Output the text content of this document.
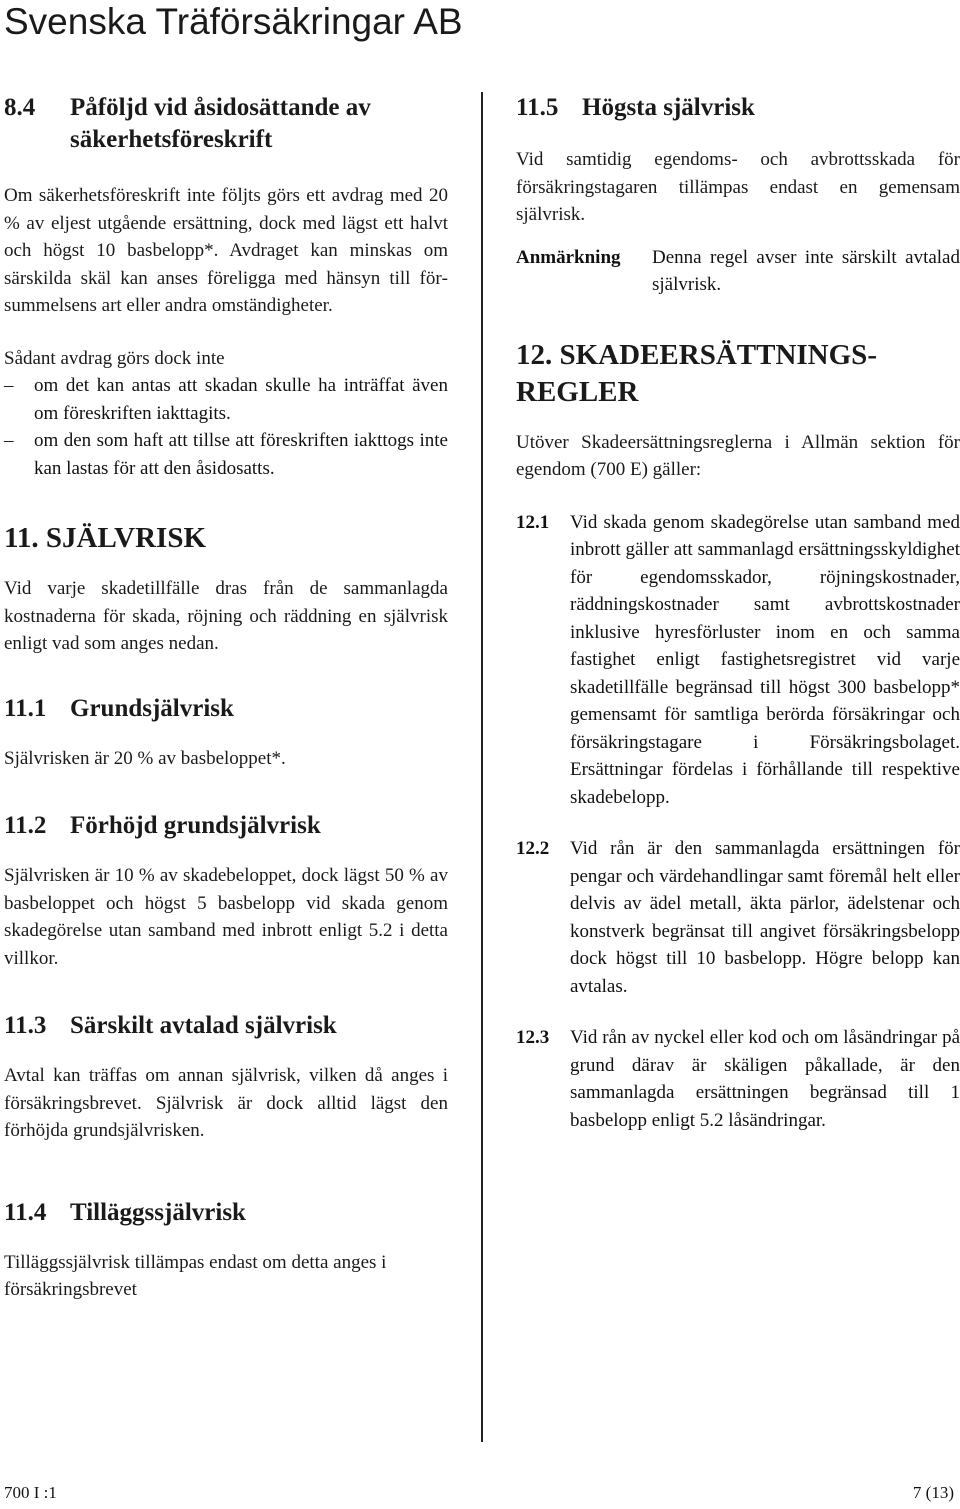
Svenska Träförsäkringar AB
8.4	Påföljd vid åsidosättande av säkerhetsföreskrift

Om säkerhetsföreskrift inte följts görs ett avdrag med 20 % av eljest utgående ersättning, dock med lägst ett halvt och högst 10 basbelopp*. Avdraget kan minskas om särskilda skäl kan anses föreligga med hänsyn till försummelsens art eller andra omständigheter.

Sådant avdrag görs dock inte

–	om det kan antas att skadan skulle ha inträffat även om föreskriften iakttagits.
–	om den som haft att tillse att föreskriften iakttogs inte kan lastas för att den åsidosatts.
11. SJÄLVRISK

Vid varje skadetillfälle dras från de sammanlagda kostnaderna för skada, röjning och räddning en självrisk enligt vad som anges nedan.

11.1 Grundsjälvrisk

Självrisken är 20 % av basbeloppet*.

11.2 Förhöjd grundsjälvrisk

Självrisken är 10 % av skadebeloppet, dock lägst 50 % av basbeloppet och högst 5 basbelopp vid skada genom skadegörelse utan samband med inbrott enligt 5.2 i detta villkor.

11.3 Särskilt avtalad självrisk

Avtal kan träffas om annan självrisk, vilken då anges i försäkringsbrevet. Självrisk är dock alltid lägst den förhöjda grundsjälvrisken.

11.4 Tilläggssjälvrisk

Tilläggssjälvrisk tillämpas endast om detta anges i försäkringsbrevet

11.5 Högsta självrisk

Vid samtidig egendoms- och avbrottsskada för försäkringstagaren tillämpas endast en gemensam självrisk.

Anmärkning	Denna regel avser inte särskilt avtalad självrisk.
12. SKADEERSÄTTNINGSREGLER

Utöver Skadeersättningsreglerna i Allmän sektion för egendom (700 E) gäller:

12.1	Vid skada genom skadegörelse utan samband med inbrott gäller att sammanlagd ersättningsskyldighet för egendomsskador, röjningskostnader, räddningskostnader samt avbrottskostnader inklusive hyresförluster inom en och samma fastighet enligt fastighetsregistret vid varje skadetillfälle begränsad till högst 300 basbelopp* gemensamt för samtliga berörda försäkringar och försäkringstagare i Försäkringsbolaget. Ersättningar fördelas i förhållande till respektive skadebelopp.
12.2	Vid rån är den sammanlagda ersättningen för pengar och värdehandlingar samt föremål helt eller delvis av ädel metall, äkta pärlor, ädelstenar och konstverk begränsat till angivet försäkringsbelopp dock högst till 10 basbelopp. Högre belopp kan avtalas.
12.3	Vid rån av nyckel eller kod och om låsändringar på grund därav är skäligen påkallade, är den sammanlagda ersättningen begränsad till 1 basbelopp enligt 5.2 låsändringar.
700 I :1	7 (13)
